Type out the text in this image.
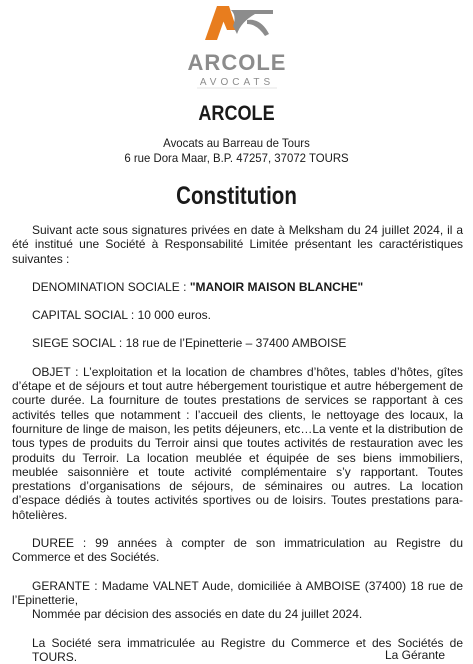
ARCOLE
AVOCATS
ARCOLE
Avocats au Barreau de Tours
6 rue Dora Maar, B.P. 47257, 37072 TOURS
Constitution

Suivant acte sous signatures privées en date à Melksham du 24 juillet 2024, il a été institué une Société à Responsabilité Limitée présentant les caractéristiques suivantes :

DENOMINATION SOCIALE : "MANOIR MAISON BLANCHE"

CAPITAL SOCIAL : 10 000 euros.

SIEGE SOCIAL : 18 rue de l’Epinetterie – 37400 AMBOISE

OBJET : L’exploitation et la location de chambres d’hôtes, tables d’hôtes, gîtes d’étape et de séjours et tout autre hébergement touristique et autre hébergement de courte durée. La fourniture de toutes prestations de services se rapportant à ces activités telles que notamment : l’accueil des clients, le nettoyage des locaux, la fourniture de linge de maison, les petits déjeuners, etc…La vente et la distribution de tous types de produits du Terroir ainsi que toutes activités de restauration avec les produits du Terroir. La location meublée et équipée de ses biens immobiliers, meublée saisonnière et toute activité complémentaire s’y rapportant. Toutes prestations d’organisations de séjours, de séminaires ou autres. La location d’espace dédiés à toutes activités sportives ou de loisirs. Toutes prestations para-hôtelières.

DUREE : 99 années à compter de son immatriculation au Registre du Commerce et des Sociétés.

GERANTE : Madame VALNET Aude, domiciliée à AMBOISE (37400) 18 rue de l’Epinetterie,

Nommée par décision des associés en date du 24 juillet 2024.

La Société sera immatriculée au Registre du Commerce et des Sociétés de TOURS.	La Gérante
